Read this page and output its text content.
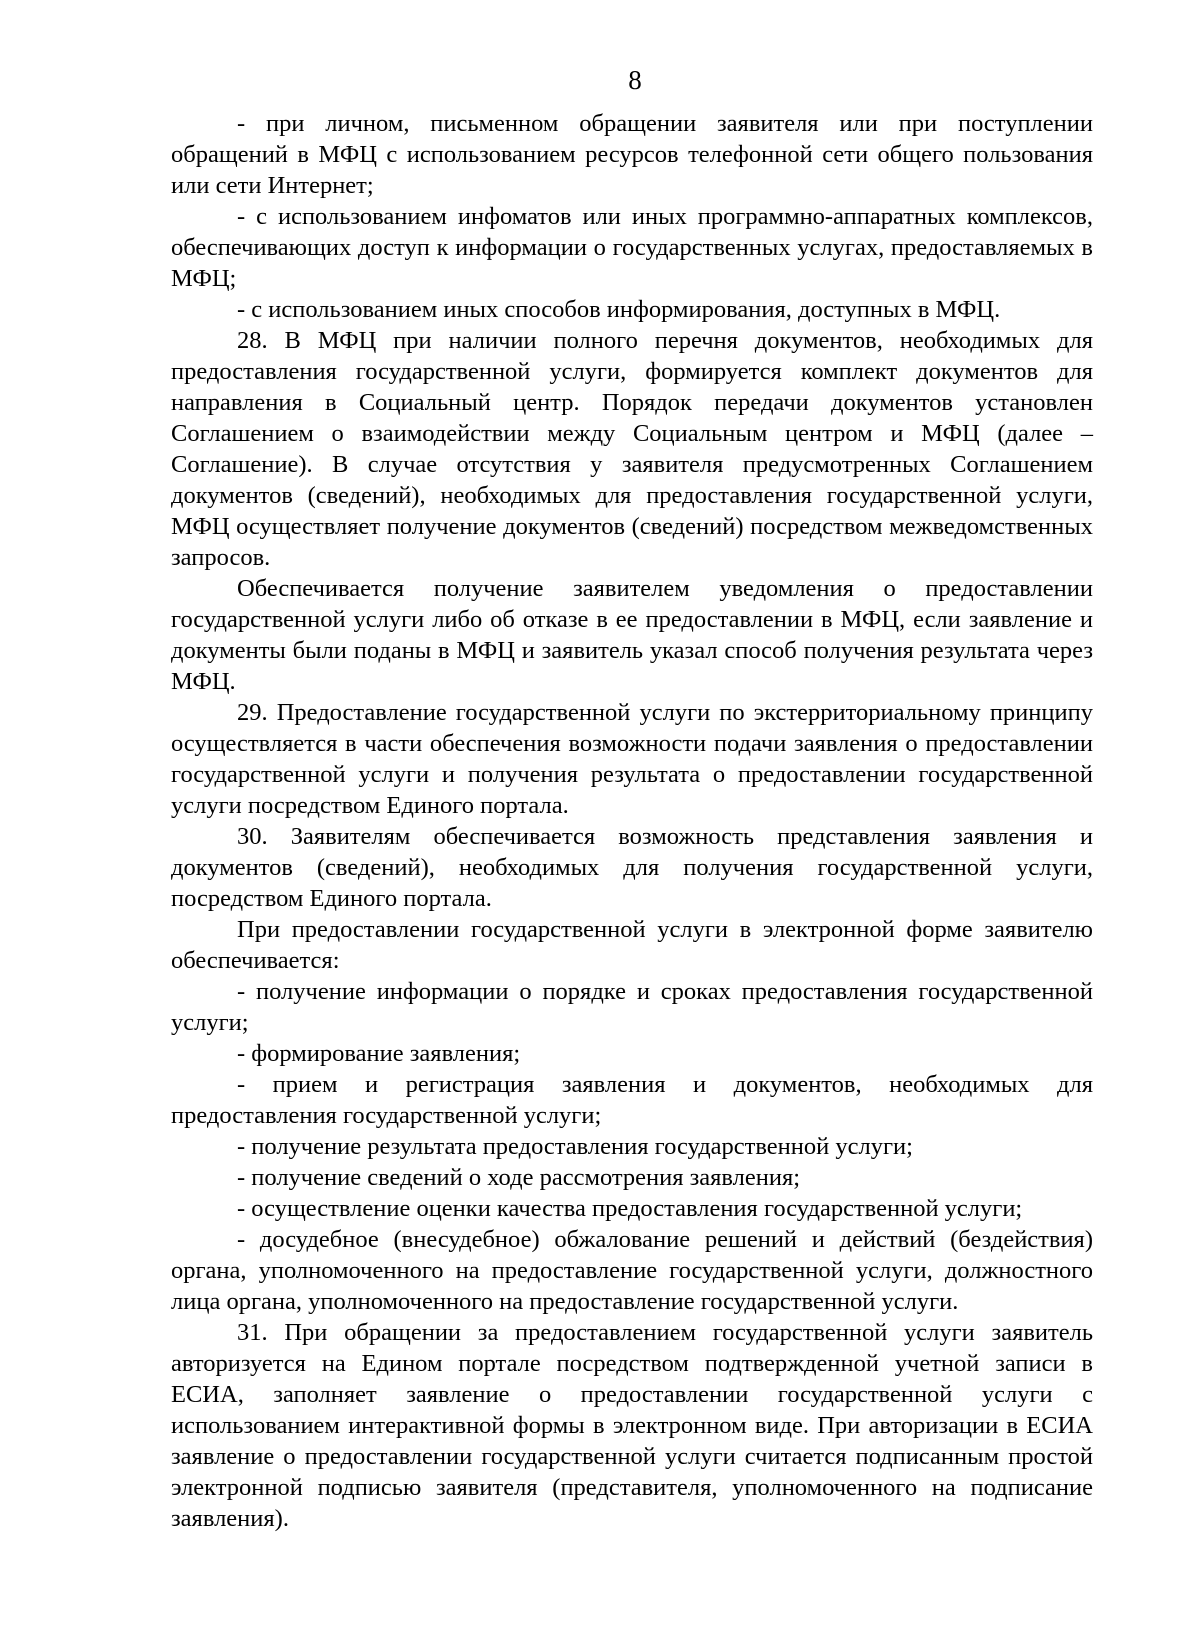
8

- при личном, письменном обращении заявителя или при поступлении обращений в МФЦ с использованием ресурсов телефонной сети общего пользования или сети Интернет;

- с использованием инфоматов или иных программно-аппаратных комплексов, обеспечивающих доступ к информации о государственных услугах, предоставляемых в МФЦ;

- с использованием иных способов информирования, доступных в МФЦ.

28. В МФЦ при наличии полного перечня документов, необходимых для предоставления государственной услуги, формируется комплект документов для направления в Социальный центр. Порядок передачи документов установлен Соглашением о взаимодействии между Социальным центром и МФЦ (далее – Соглашение). В случае отсутствия у заявителя предусмотренных Соглашением документов (сведений), необходимых для предоставления государственной услуги, МФЦ осуществляет получение документов (сведений) посредством межведомственных запросов.

Обеспечивается получение заявителем уведомления о предоставлении государственной услуги либо об отказе в ее предоставлении в МФЦ, если заявление и документы были поданы в МФЦ и заявитель указал способ получения результата через МФЦ.

29. Предоставление государственной услуги по экстерриториальному принципу осуществляется в части обеспечения возможности подачи заявления о предоставлении государственной услуги и получения результата о предоставлении государственной услуги посредством Единого портала.

30. Заявителям обеспечивается возможность представления заявления и документов (сведений), необходимых для получения государственной услуги, посредством Единого портала.

При предоставлении государственной услуги в электронной форме заявителю обеспечивается:

- получение информации о порядке и сроках предоставления государственной услуги;

- формирование заявления;

- прием и регистрация заявления и документов, необходимых для предоставления государственной услуги;

- получение результата предоставления государственной услуги;

- получение сведений о ходе рассмотрения заявления;

- осуществление оценки качества предоставления государственной услуги;

- досудебное (внесудебное) обжалование решений и действий (бездействия) органа, уполномоченного на предоставление государственной услуги, должностного лица органа, уполномоченного на предоставление государственной услуги.

31. При обращении за предоставлением государственной услуги заявитель авторизуется на Едином портале посредством подтвержденной учетной записи в ЕСИА, заполняет заявление о предоставлении государственной услуги с использованием интерактивной формы в электронном виде. При авторизации в ЕСИА заявление о предоставлении государственной услуги считается подписанным простой электронной подписью заявителя (представителя, уполномоченного на подписание заявления).
